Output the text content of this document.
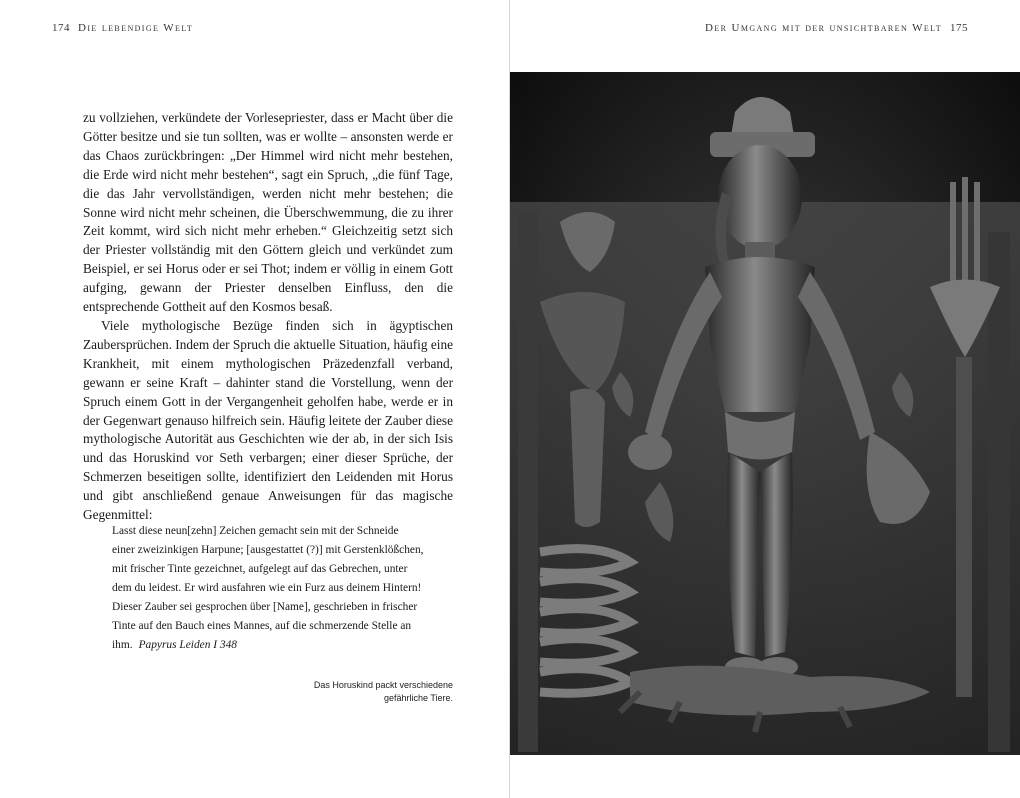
174 Die lebendige Welt

zu vollziehen, verkündete der Vorlesepriester, dass er Macht über die Götter besitze und sie tun sollten, was er wollte – ansonsten werde er das Chaos zurückbringen: „Der Himmel wird nicht mehr bestehen, die Erde wird nicht mehr bestehen“, sagt ein Spruch, „die fünf Tage, die das Jahr vervollständigen, werden nicht mehr bestehen; die Sonne wird nicht mehr scheinen, die Überschwemmung, die zu ihrer Zeit kommt, wird sich nicht mehr erheben.“ Gleichzeitig setzt sich der Priester vollständig mit den Göttern gleich und verkündet zum Beispiel, er sei Horus oder er sei Thot; indem er völlig in einem Gott aufging, gewann der Priester denselben Einfluss, den die entsprechende Gottheit auf den Kosmos besaß.

Viele mythologische Bezüge finden sich in ägyptischen Zaubersprüchen. Indem der Spruch die aktuelle Situation, häufig eine Krankheit, mit einem mythologischen Präzedenzfall verband, gewann er seine Kraft – dahinter stand die Vorstellung, wenn der Spruch einem Gott in der Vergangenheit geholfen habe, werde er in der Gegenwart genauso hilfreich sein. Häufig leitete der Zauber diese mythologische Autorität aus Geschichten wie der ab, in der sich Isis und das Horuskind vor Seth verbargen; einer dieser Sprüche, der Schmerzen beseitigen sollte, identifiziert den Leidenden mit Horus und gibt anschließend genaue Anweisungen für das magische Gegenmittel:

Lasst diese neun[zehn] Zeichen gemacht sein mit der Schneide einer zweizinkigen Harpune; [ausgestattet (?)] mit Gerstenklößchen, mit frischer Tinte gezeichnet, aufgelegt auf das Gebrechen, unter dem du leidest. Er wird ausfahren wie ein Furz aus deinem Hintern! Dieser Zauber sei gesprochen über [Name], geschrieben in frischer Tinte auf den Bauch eines Mannes, auf die schmerzende Stelle an ihm. Papyrus Leiden I 348
Das Horuskind packt verschiedene gefährliche Tiere.
Der Umgang mit der unsichtbaren Welt 175
